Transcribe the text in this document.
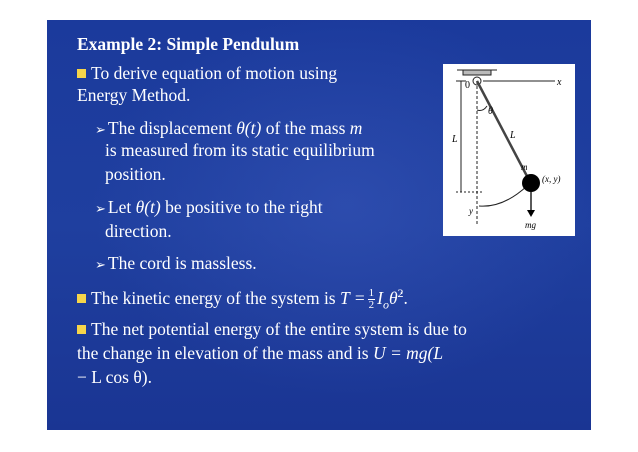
Example 2: Simple Pendulum
To derive equation of motion using
Energy Method.
➢ The displacement θ(t) of the mass m
is measured from its static equilibrium
position.
➢ Let θ(t) be positive to the right
direction.
➢ The cord is massless.
The kinetic energy of the system is $T = \frac{1}{2}$ $I_o\thetȧ^2$.
The net potential energy of the entire system is due to
the change in elevation of the mass and is U = mg(L
− L cos θ).
0	x
θ
L	L
m
(x, y)
y
mg
